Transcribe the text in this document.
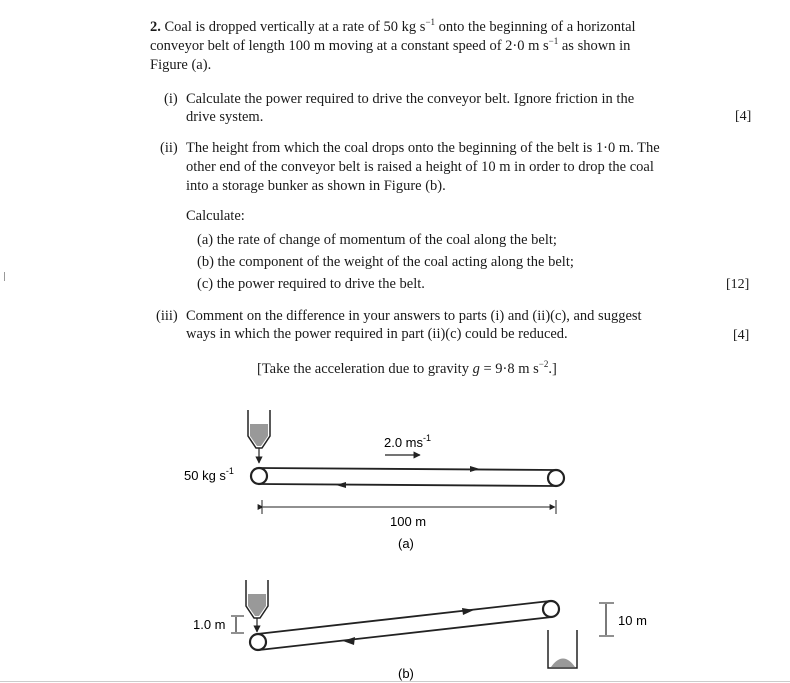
2. Coal is dropped vertically at a rate of 50 kg $s^{-1}$ onto the beginning of a horizontal
conveyor belt of length 100 m moving at a constant speed of 2·0 m $s^{-1}$ as shown in
Figure (a).
(i) Calculate the power required to drive the conveyor belt. Ignore friction in the
drive system.	[4]
(ii) The height from which the coal drops onto the beginning of the belt is 1·0 m. The
other end of the conveyor belt is raised a height of 10 m in order to drop the coal
into a storage bunker as shown in Figure (b).
Calculate:
(a) the rate of change of momentum of the coal along the belt;
(b) the component of the weight of the coal acting along the belt;
(c) the power required to drive the belt.	[12]
(iii) Comment on the difference in your answers to parts (i) and (ii)(c), and suggest
ways in which the power required in part (ii)(c) could be reduced.	[4]
[Take the acceleration due to gravity g = 9·8 m $s^{-2}$.]
2.0 $ms^{-1}$
50 kg $s^{-1}$
100 m
(a)
1.0 m	10 m
(b)
